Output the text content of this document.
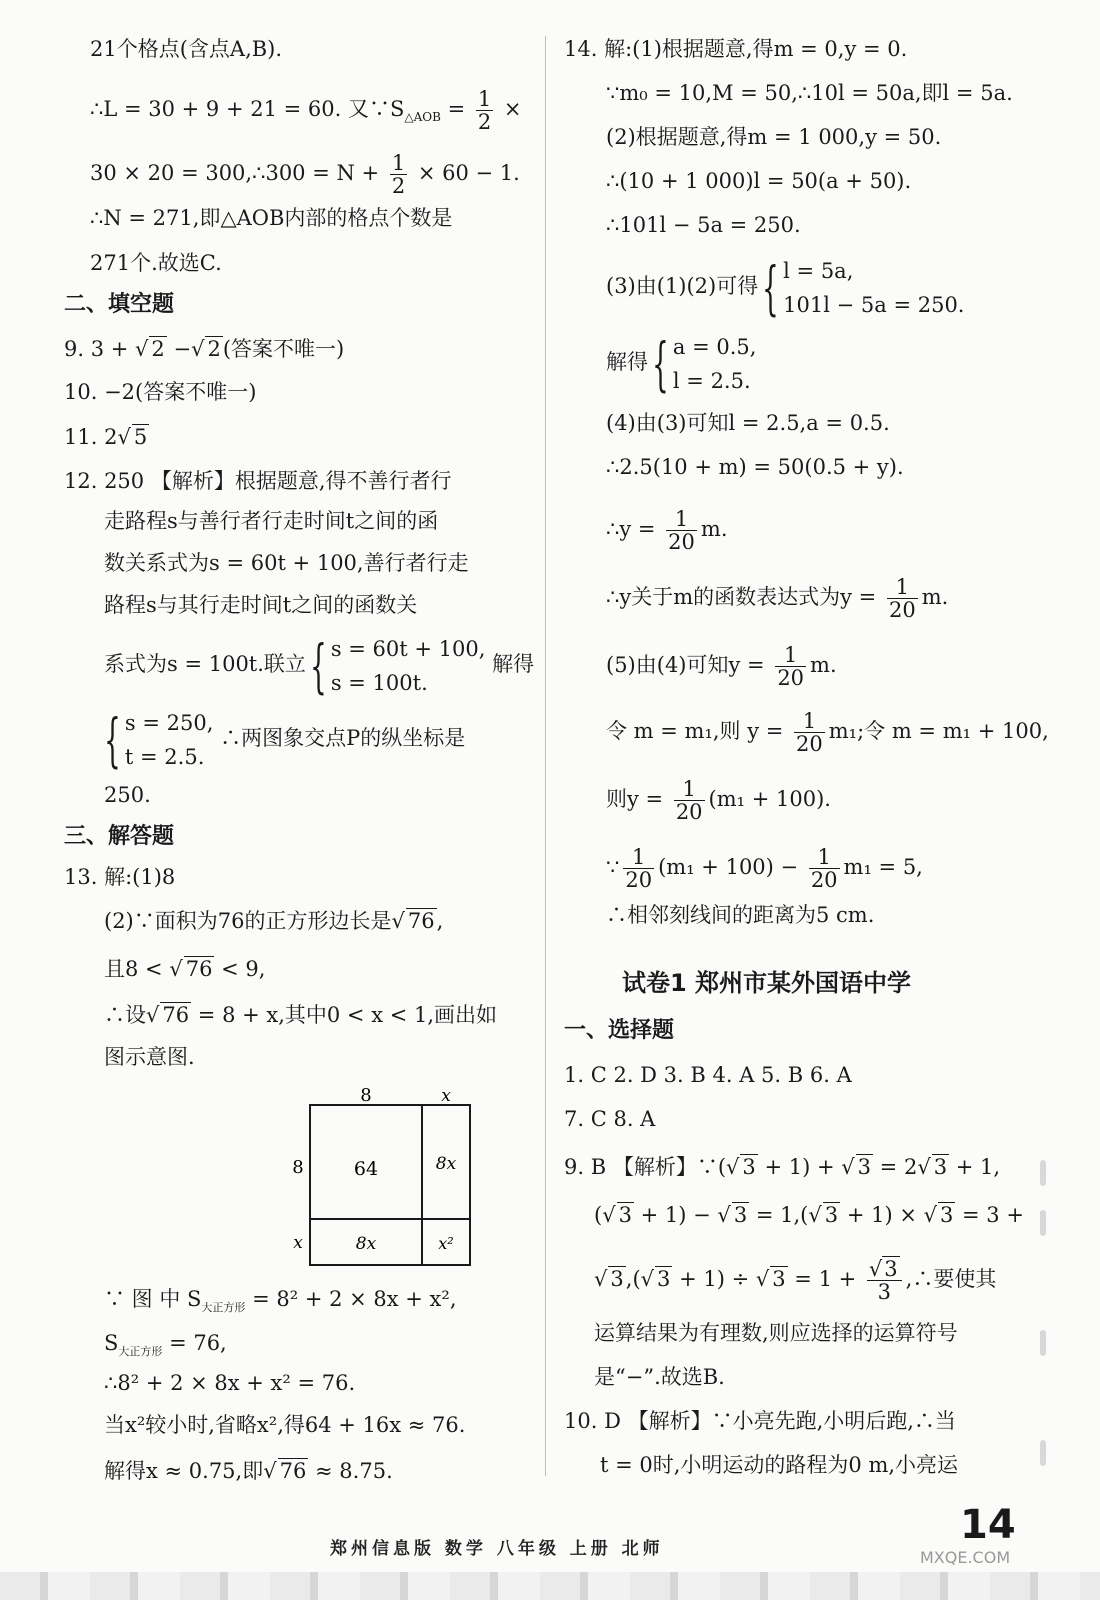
21个格点(含点A,B).
∴L = 30 + 9 + 21 = 60. 又$\because S_{\triangle AOB} = \frac{1}{2}$ ×
30 × 20 = 300,∴300 = $N + \frac{1}{2} \times 60 - 1$.
∴N = 271,即△AOB内部的格点个数是
271个.故选C.
二、填空题
9. 3 + √ 2 −√ 2(答案不唯一)
10. −2(答案不唯一)
11. 2√ 5
12. 250 【解析】根据题意,得不善行者行
走路程s与善行者行走时间t之间的函
数关系式为s = 60t + 100,善行者行走
路程s与其行走时间t之间的函数关
系式为s = 100t.联立{ s = 60t + 100,
s = 100t.
解得
{ s = 250,
t = 2.5.
∴两图象交点P的纵坐标是
250.
三、解答题
13. 解:(1)8
(2)∵面积为76的正方形边长是√ 76,
且8 < √ 76 < 9,
∴设√ 76 = 8 + x,其中0 < x < 1,画出如
图示意图.
8	x
8
x
64	8x
8x	x²
∵ 图 中 $S_{大正方形} = 8^2 + 2 \times 8x + x^2$,
$S_{大正方形} = 76$,
∴8² + 2 × 8x + x² = 76.
当x²较小时,省略x²,得64 + 16x ≈ 76.
解得x ≈ 0.75,即√ 76 ≈ 8.75.
14. 解:(1)根据题意,得m = 0,y = 0.
∵m₀ = 10,M = 50,∴10l = 50a,即l = 5a.
(2)根据题意,得m = 1 000,y = 50.
∴(10 + 1 000)l = 50(a + 50).
∴101l − 5a = 250.
(3)由(1)(2)可得{ l = 5a,
101l − 5a = 250.
解得{ a = 0.5,
l = 2.5.
(4)由(3)可知l = 2.5,a = 0.5.
∴2.5(10 + m) = 50(0.5 + y).
∴y = $\frac{1}{20} m$.
∴y关于m的函数表达式为$y = \frac{1}{20} m$.
(5)由(4)可知$y = \frac{1}{20} m$.
令 m = m₁,则 $y = \frac{1}{20} m_1$;令 m = m₁ + 100,
则$y = \frac{1}{20} (m_1 + 100)$.
∵ $\frac{1}{20} (m_1 + 100) - \frac{1}{20} m_1 = 5$,
∴相邻刻线间的距离为5 cm.
试卷1 郑州市某外国语中学
一、选择题
1. C 2. D 3. B 4. A 5. B 6. A
7. C 8. A
9. B 【解析】∵(√ 3 + 1) + √ 3 = 2√ 3 + 1,
(√ 3 + 1) − √ 3 = 1,(√ 3 + 1) × √ 3 = 3 +
√ 3,(√ 3 + 1) ÷ √ $3 = 1 + \frac{√3}{3}$ ,∴要使其
运算结果为有理数,则应选择的运算符号
是“−”.故选B.
10. D 【解析】∵小亮先跑,小明后跑,∴当
t = 0时,小明运动的路程为0 m,小亮运
14
郑州信息版 数学 八年级 上册 北师	MXQE.COM
